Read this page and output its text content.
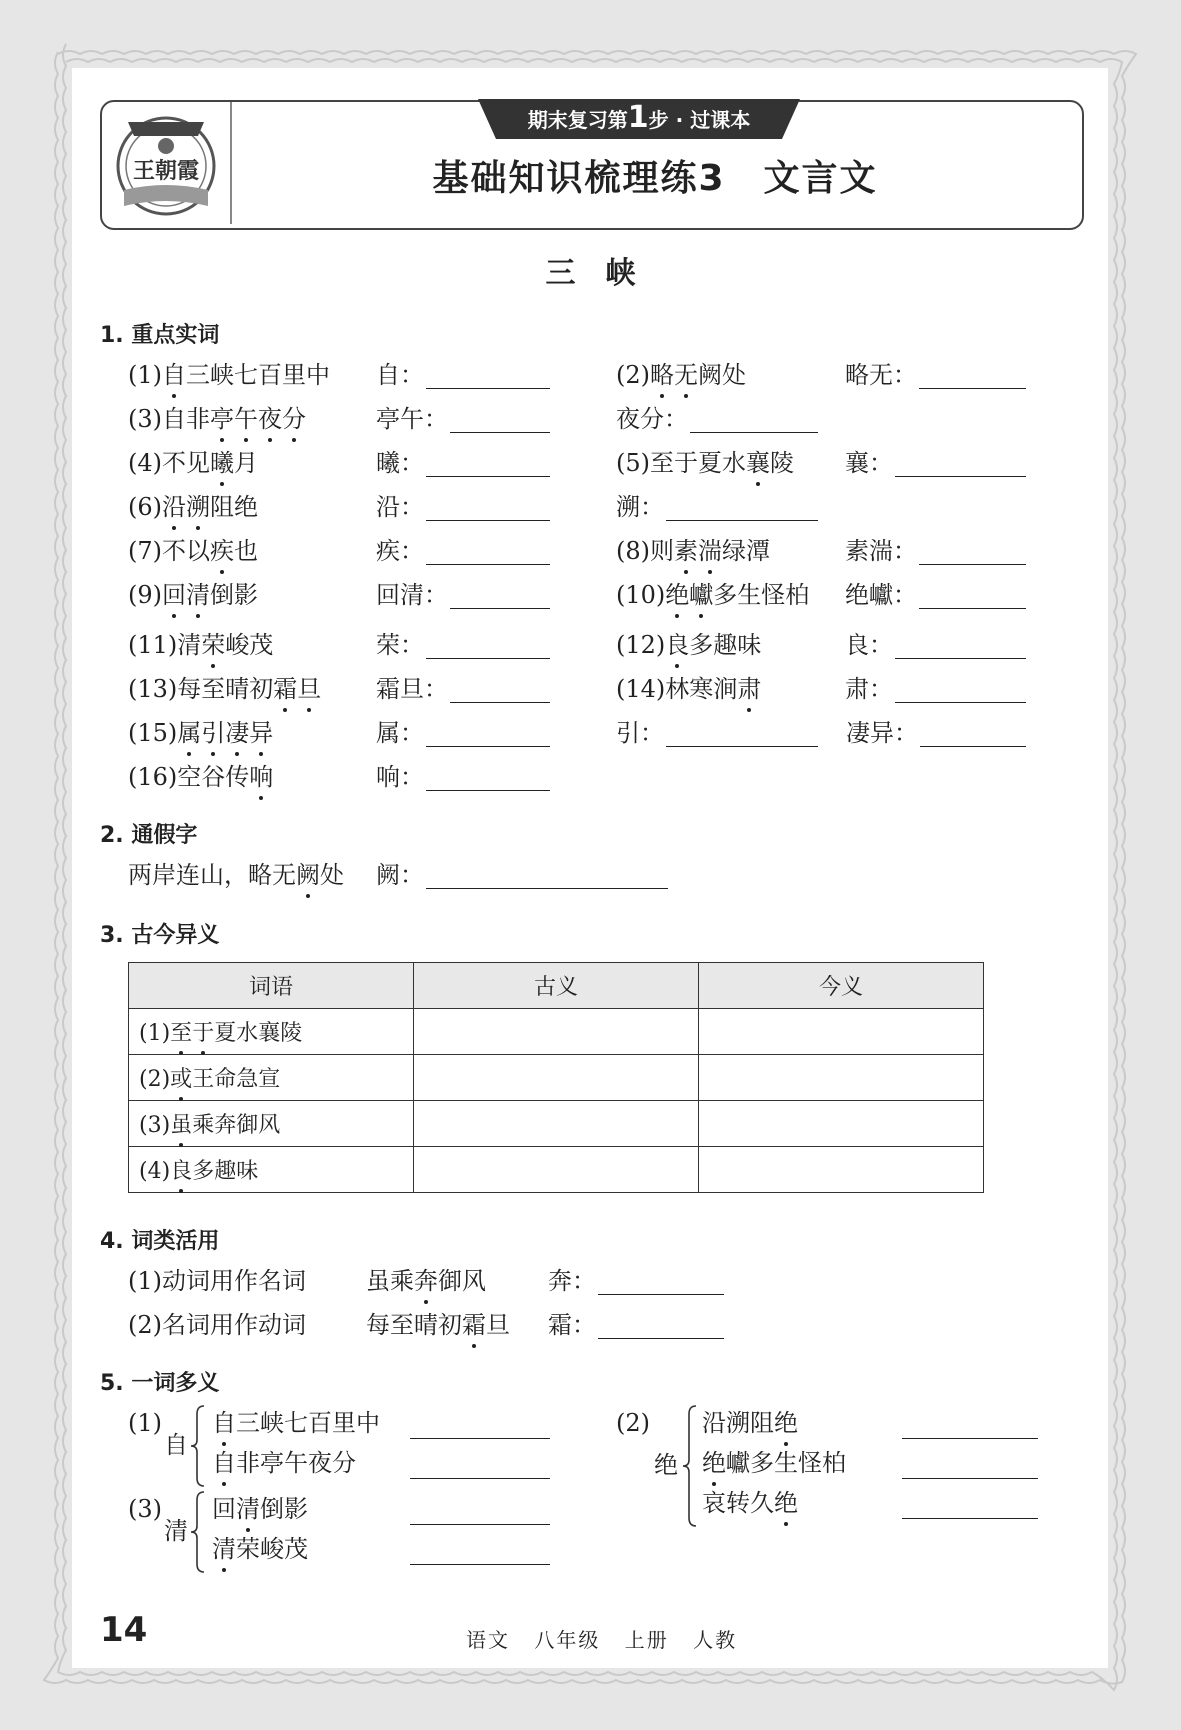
王朝霞
期末复习第1步 · 过课本
基础知识梳理练3　文言文
三　峡
1. 重点实词
2. 通假字
3. 古今异义
4. 词类活用
5. 一词多义
(1)自三峡七百里中 自：	(2)略无阙处	略无：
(3)自非亭午夜分	亭午：	夜分：
(4)不见曦月	曦：	(5)至于夏水襄陵 襄：
(6)沿溯阻绝	沿：	溯：
(7)不以疾也	疾：	(8)则素湍绿潭	素湍：
(9)回清倒影	回清：	(10)绝巘多生怪柏 绝巘：
(11)清荣峻茂	荣：	(12)良多趣味	良：
(13)每至晴初霜旦 霜旦：	(14)林寒涧肃	肃：
(15)属引凄异	属：	引：	凄异：
(16)空谷传响	响：
两岸连山，略无阙处 阙：
(1)动词用作名词	虽乘奔御风	奔：
(2)名词用作动词	每至晴初霜旦 霜：
(1)
自
自三峡七百里中
自非亭午夜分
(2)
绝
沿溯阻绝
绝巘多生怪柏
哀转久绝
(3)
清
回清倒影
清荣峻茂
词语	古义	今义
(1)至于夏水襄陵		
(2)或王命急宣		
(3)虽乘奔御风		
(4)良多趣味		
14	语文 八年级 上册 人教
